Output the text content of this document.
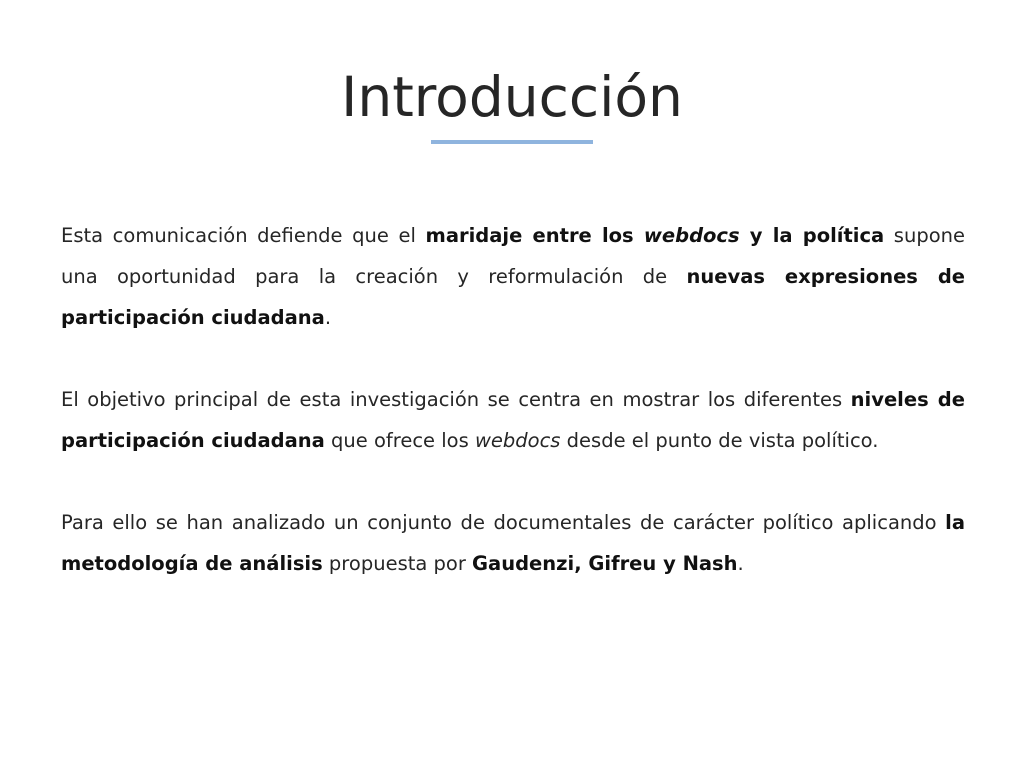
Introducción

Esta comunicación defiende que el maridaje entre los webdocs y la política supone una oportunidad para la creación y reformulación de nuevas expresiones de participación ciudadana.

El objetivo principal de esta investigación se centra en mostrar los diferentes niveles de participación ciudadana que ofrece los webdocs desde el punto de vista político.

Para ello se han analizado un conjunto de documentales de carácter político aplicando la metodología de análisis propuesta por Gaudenzi, Gifreu y Nash.
